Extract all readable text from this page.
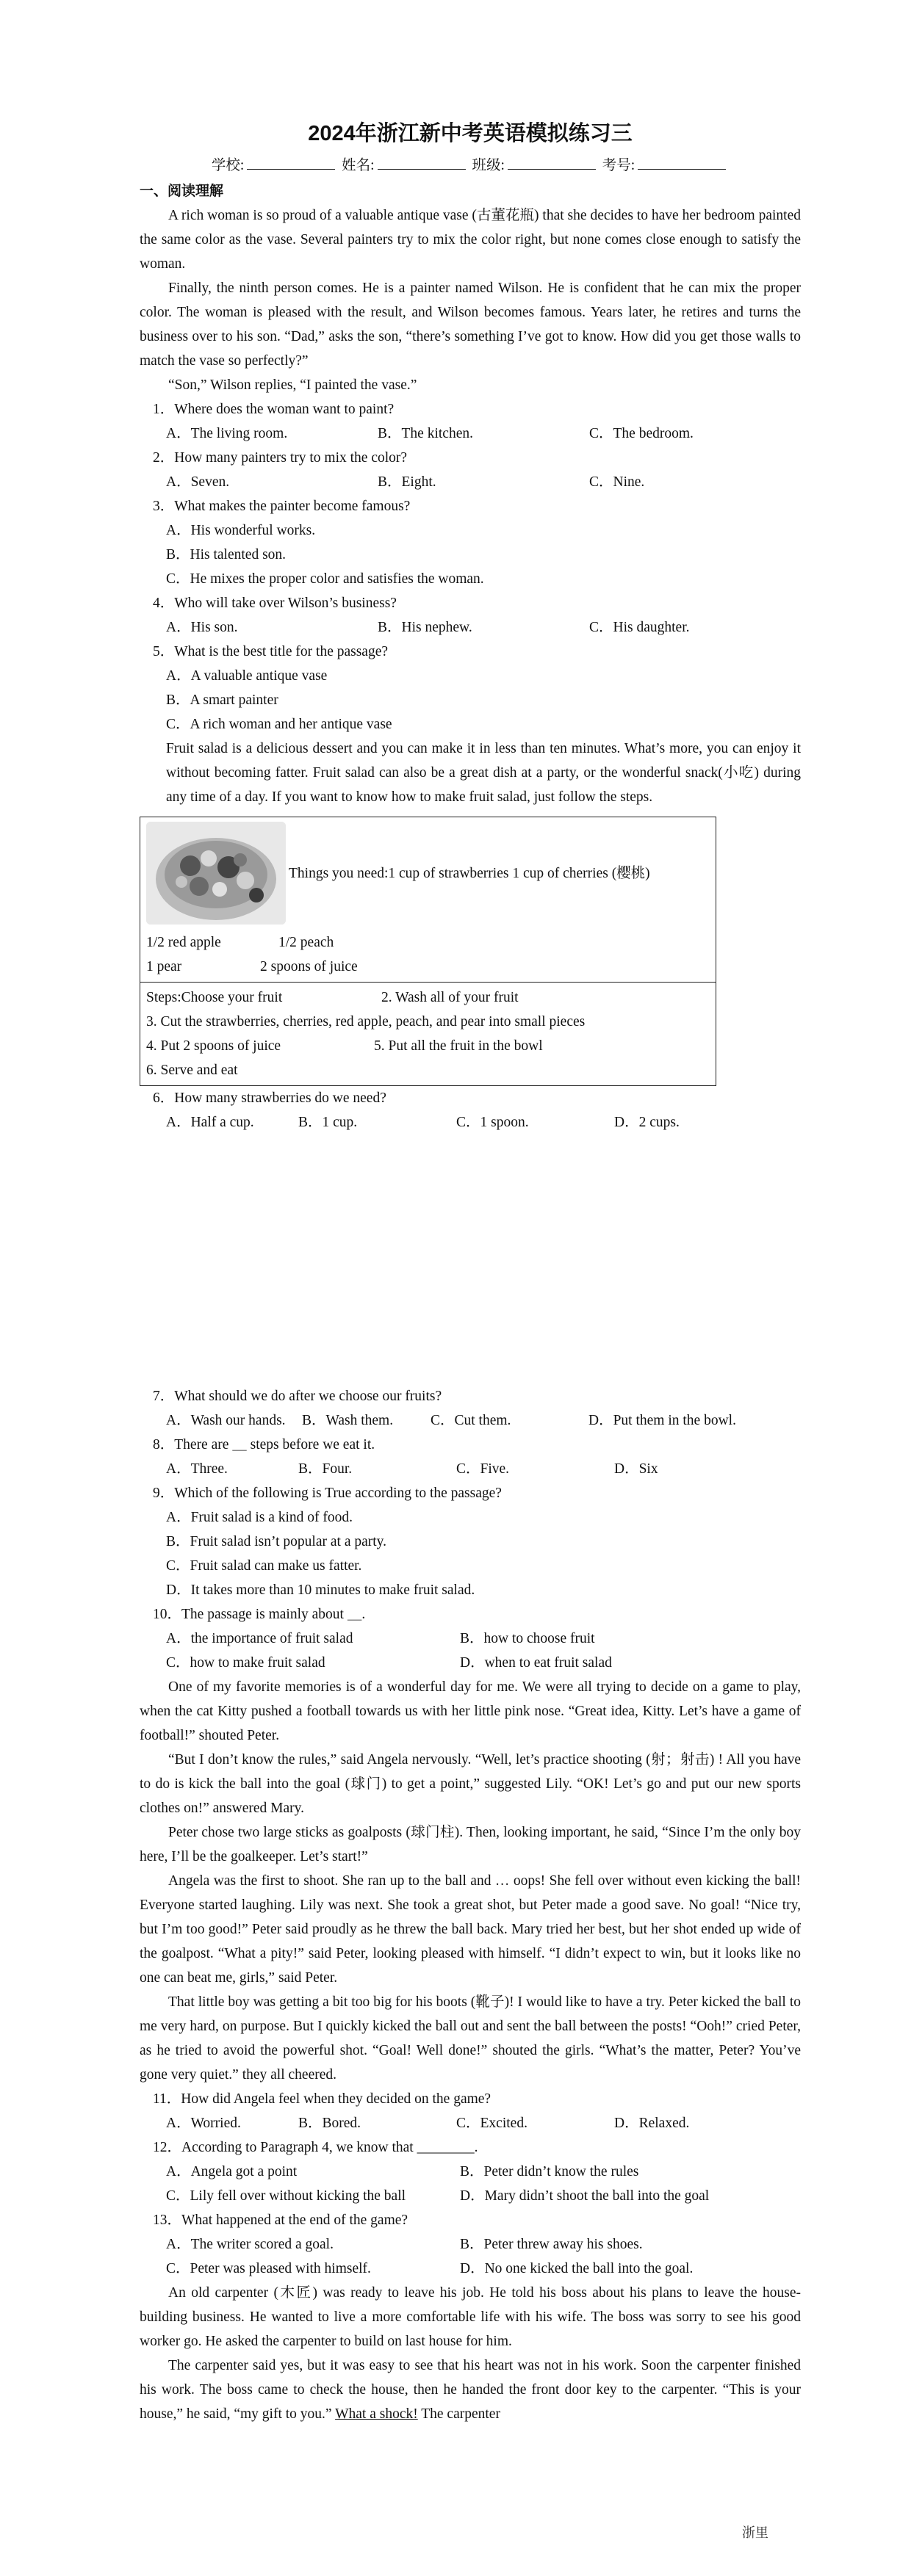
2024年浙江新中考英语模拟练习三
学校:	姓名:	班级:	考号:
一、阅读理解

A rich woman is so proud of a valuable antique vase (古董花瓶) that she decides to have her bedroom painted the same color as the vase. Several painters try to mix the color right, but none comes close enough to satisfy the woman.

Finally, the ninth person comes. He is a painter named Wilson. He is confident that he can mix the proper color. The woman is pleased with the result, and Wilson becomes famous. Years later, he retires and turns the business over to his son. “Dad,” asks the son, “there’s something I’ve got to know. How did you get those walls to match the vase so perfectly?”

“Son,” Wilson replies, “I painted the vase.”

1．Where does the woman want to paint?

A．The living room.	B．The kitchen.	C．The bedroom.

2．How many painters try to mix the color?

A．Seven.	B．Eight.	C．Nine.

3．What makes the painter become famous?

A．His wonderful works.

B．His talented son.

C．He mixes the proper color and satisfies the woman.

4．Who will take over Wilson’s business?

A．His son.	B．His nephew.	C．His daughter.

5．What is the best title for the passage?

A．A valuable antique vase

B．A smart painter

C．A rich woman and her antique vase

Fruit salad is a delicious dessert and you can make it in less than ten minutes. What’s more, you can enjoy it without becoming fatter. Fruit salad can also be a great dish at a party, or the wonderful snack(小吃) during any time of a day. If you want to know how to make fruit salad, just follow the steps.

Things you need:1 cup of strawberries 1 cup of cherries (樱桃)
1/2 red apple	1/2 peach
1 pear	2 spoons of juice
Steps:Choose your fruit	2. Wash all of your fruit
3. Cut the strawberries, cherries, red apple, peach, and pear into small pieces
4. Put 2 spoons of juice	5. Put all the fruit in the bowl
6. Serve and eat

6．How many strawberries do we need?

A．Half a cup.	B．1 cup.	C．1 spoon.	D．2 cups.

7．What should we do after we choose our fruits?

A．Wash our hands.	B．Wash them.	C．Cut them.	D．Put them in the bowl.

8．There are ＿ steps before we eat it.

A．Three.	B．Four.	C．Five.	D．Six

9．Which of the following is True according to the passage?

A．Fruit salad is a kind of food.

B．Fruit salad isn’t popular at a party.

C．Fruit salad can make us fatter.

D．It takes more than 10 minutes to make fruit salad.

10．The passage is mainly about ＿.

A．the importance of fruit salad	B．how to choose fruit
C．how to make fruit salad	D．when to eat fruit salad

One of my favorite memories is of a wonderful day for me. We were all trying to decide on a game to play, when the cat Kitty pushed a football towards us with her little pink nose. “Great idea, Kitty. Let’s have a game of football!” shouted Peter.

“But I don’t know the rules,” said Angela nervously. “Well, let’s practice shooting (射；射击) ! All you have to do is kick the ball into the goal (球门) to get a point,” suggested Lily. “OK! Let’s go and put our new sports clothes on!” answered Mary.

Peter chose two large sticks as goalposts (球门柱). Then, looking important, he said, “Since I’m the only boy here, I’ll be the goalkeeper. Let’s start!”

Angela was the first to shoot. She ran up to the ball and … oops! She fell over without even kicking the ball! Everyone started laughing. Lily was next. She took a great shot, but Peter made a good save. No goal! “Nice try, but I’m too good!” Peter said proudly as he threw the ball back. Mary tried her best, but her shot ended up wide of the goalpost. “What a pity!” said Peter, looking pleased with himself. “I didn’t expect to win, but it looks like no one can beat me, girls,” said Peter.

That little boy was getting a bit too big for his boots (靴子)! I would like to have a try. Peter kicked the ball to me very hard, on purpose. But I quickly kicked the ball out and sent the ball between the posts! “Ooh!” cried Peter, as he tried to avoid the powerful shot. “Goal! Well done!” shouted the girls. “What’s the matter, Peter? You’ve gone very quiet.” they all cheered.

11．How did Angela feel when they decided on the game?

A．Worried.	B．Bored.	C．Excited.	D．Relaxed.

12．According to Paragraph 4, we know that ________.

A．Angela got a point	B．Peter didn’t know the rules
C．Lily fell over without kicking the ball	D．Mary didn’t shoot the ball into the goal

13．What happened at the end of the game?

A．The writer scored a goal.	B．Peter threw away his shoes.
C．Peter was pleased with himself.	D．No one kicked the ball into the goal.

An old carpenter (木匠) was ready to leave his job. He told his boss about his plans to leave the house-building business. He wanted to live a more comfortable life with his wife. The boss was sorry to see his good worker go. He asked the carpenter to build on last house for him.

The carpenter said yes, but it was easy to see that his heart was not in his work. Soon the carpenter finished his work. The boss came to check the house, then he handed the front door key to the carpenter. “This is your house,” he said, “my gift to you.” What a shock! The carpenter

浙里
